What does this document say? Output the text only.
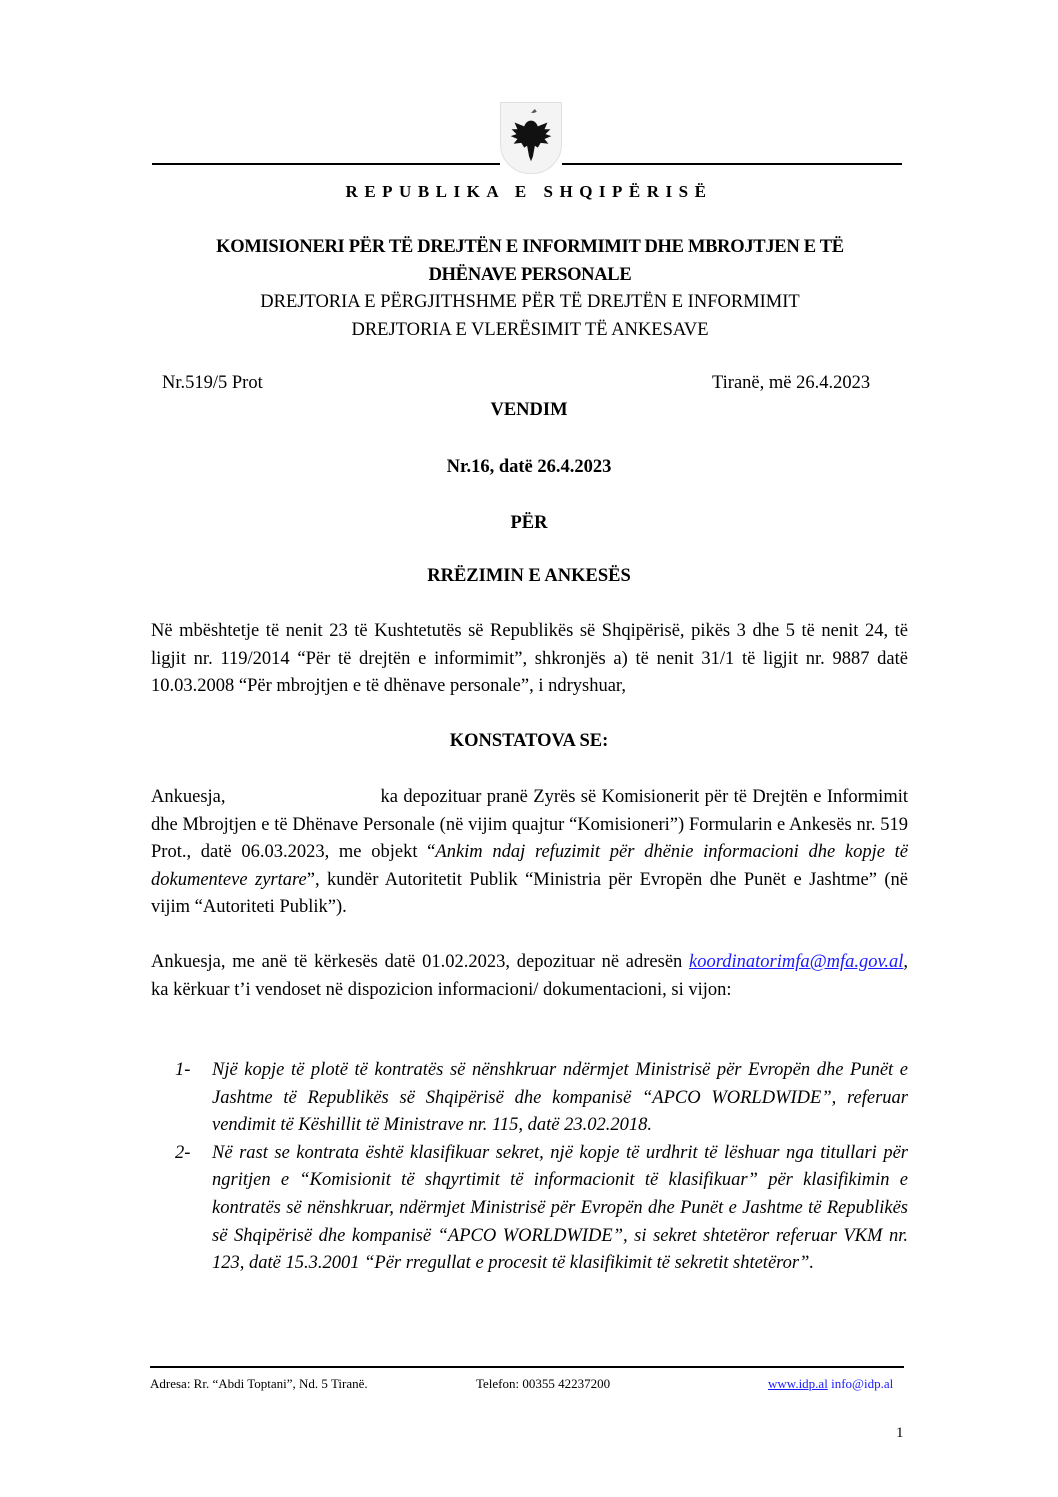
REPUBLIKA E SHQIPËRISË
KOMISIONERI PËR TË DREJTËN E INFORMIMIT DHE MBROJTJEN E TË
DHËNAVE PERSONALE
DREJTORIA E PËRGJITHSHME PËR TË DREJTËN E INFORMIMIT
DREJTORIA E VLERËSIMIT TË ANKESAVE
Nr.519/5 Prot	Tiranë, më 26.4.2023
VENDIM
Nr.16, datë 26.4.2023
PËR
RRËZIMIN E ANKESËS
Në mbështetje të nenit 23 të Kushtetutës së Republikës së Shqipërisë, pikës 3 dhe 5 të nenit 24, të ligjit nr. 119/2014 “Për të drejtën e informimit”, shkronjës a) të nenit 31/1 të ligjit nr. 9887 datë 10.03.2008 “Për mbrojtjen e të dhënave personale”, i ndryshuar,
KONSTATOVA SE:
Ankuesja,	ka depozituar pranë Zyrës së Komisionerit për të Drejtën e Informimit dhe Mbrojtjen e të Dhënave Personale (në vijim quajtur “Komisioneri”) Formularin e Ankesës nr. 519 Prot., datë 06.03.2023, me objekt “Ankim ndaj refuzimit për dhënie informacioni dhe kopje të dokumenteve zyrtare”, kundër Autoritetit Publik “Ministria për Evropën dhe Punët e Jashtme” (në vijim “Autoriteti Publik”).
Ankuesja, me anë të kërkesës datë 01.02.2023, depozituar në adresën koordinatorimfa@mfa.gov.al, ka kërkuar t’i vendoset në dispozicion informacioni/ dokumentacioni, si vijon:
1-	Një kopje të plotë të kontratës së nënshkruar ndërmjet Ministrisë për Evropën dhe Punët e Jashtme të Republikës së Shqipërisë dhe kompanisë “APCO WORLDWIDE”, referuar vendimit të Këshillit të Ministrave nr. 115, datë 23.02.2018.
2-	Në rast se kontrata është klasifikuar sekret, një kopje të urdhrit të lëshuar nga titullari për ngritjen e “Komisionit të shqyrtimit të informacionit të klasifikuar” për klasifikimin e kontratës së nënshkruar, ndërmjet Ministrisë për Evropën dhe Punët e Jashtme të Republikës së Shqipërisë dhe kompanisë “APCO WORLDWIDE”, si sekret shtetëror referuar VKM nr. 123, datë 15.3.2001 “Për rregullat e procesit të klasifikimit të sekretit shtetëror”.
Adresa: Rr. “Abdi Toptani”, Nd. 5 Tiranë.	Telefon: 00355 42237200	www.idp.al info@idp.al
1
